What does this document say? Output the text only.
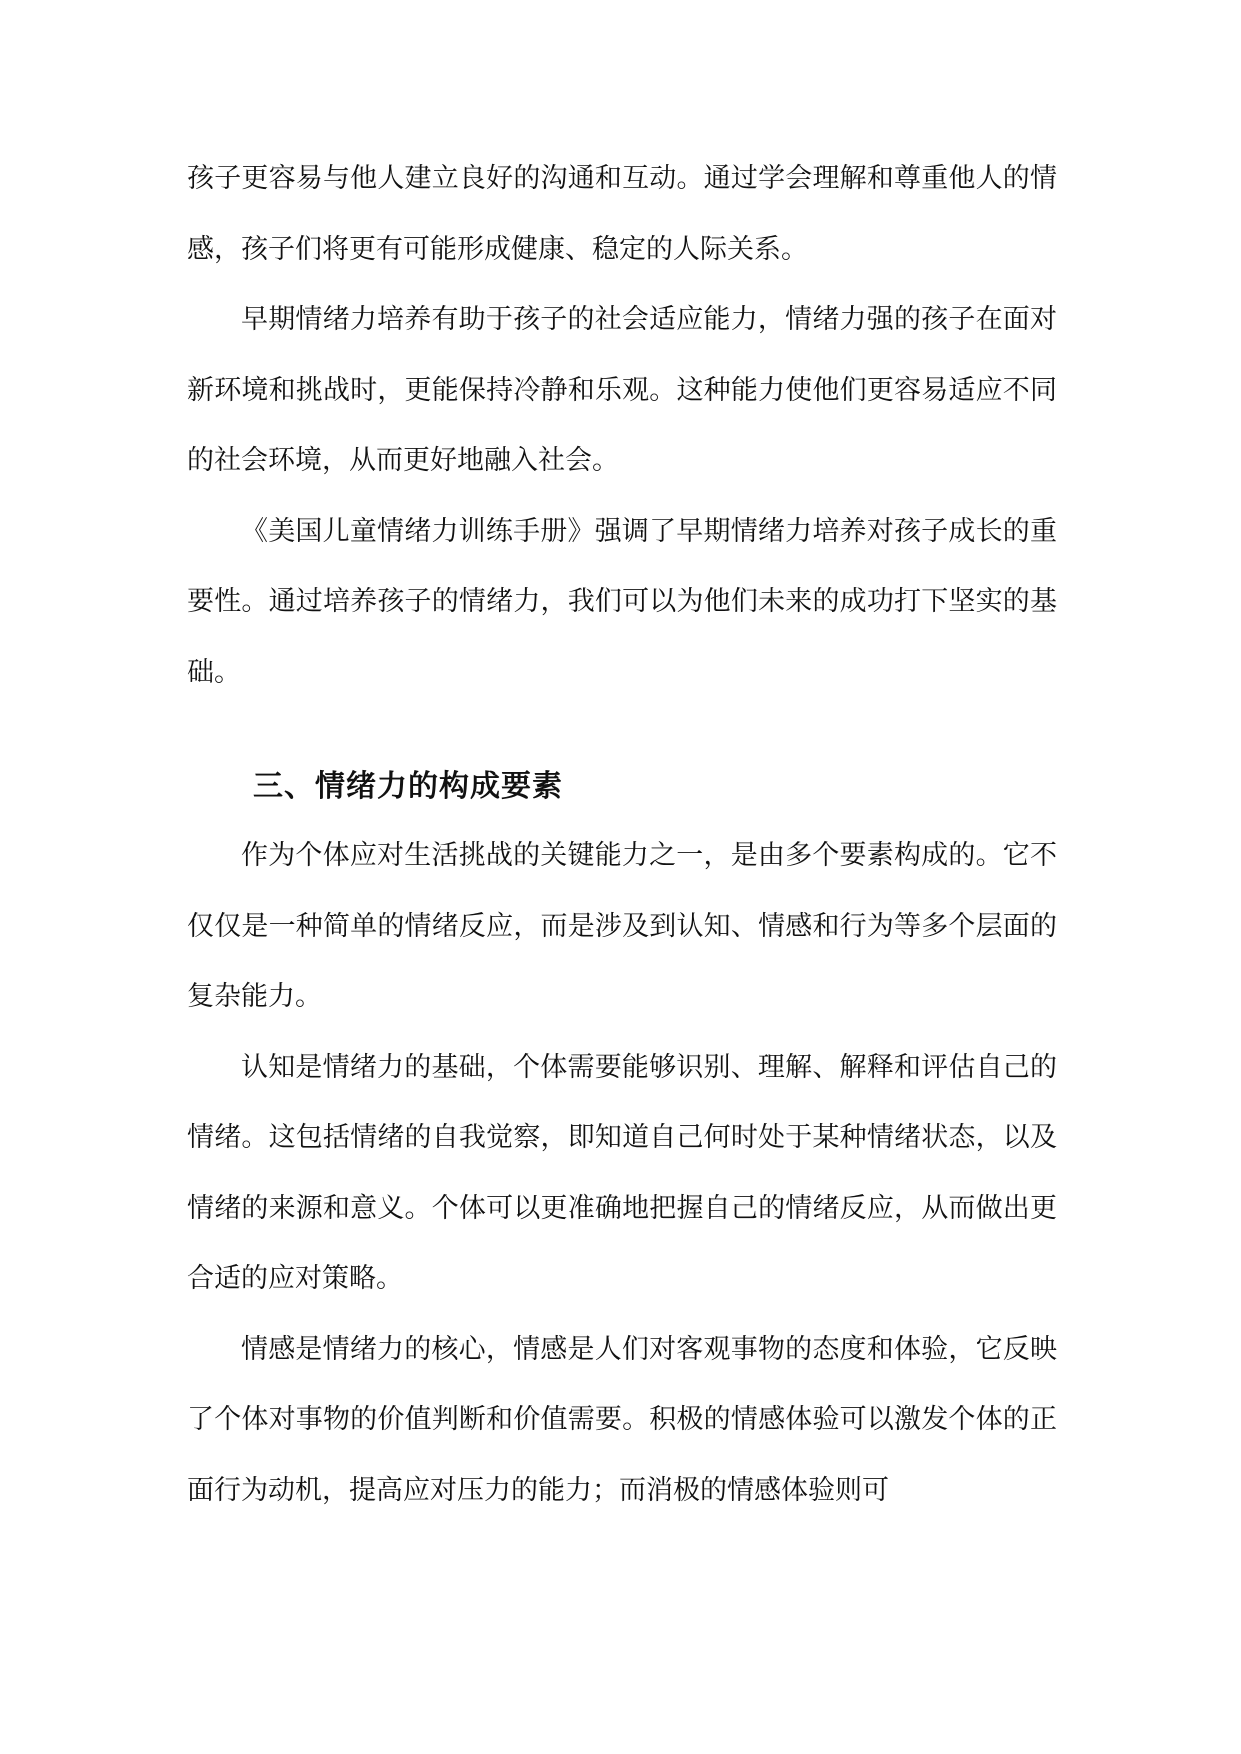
孩子更容易与他人建立良好的沟通和互动。通过学会理解和尊重他人的情感，孩子们将更有可能形成健康、稳定的人际关系。

早期情绪力培养有助于孩子的社会适应能力，情绪力强的孩子在面对新环境和挑战时，更能保持冷静和乐观。这种能力使他们更容易适应不同的社会环境，从而更好地融入社会。

《美国儿童情绪力训练手册》强调了早期情绪力培养对孩子成长的重要性。通过培养孩子的情绪力，我们可以为他们未来的成功打下坚实的基础。

三、情绪力的构成要素

作为个体应对生活挑战的关键能力之一，是由多个要素构成的。它不仅仅是一种简单的情绪反应，而是涉及到认知、情感和行为等多个层面的复杂能力。

认知是情绪力的基础，个体需要能够识别、理解、解释和评估自己的情绪。这包括情绪的自我觉察，即知道自己何时处于某种情绪状态，以及情绪的来源和意义。个体可以更准确地把握自己的情绪反应，从而做出更合适的应对策略。

情感是情绪力的核心，情感是人们对客观事物的态度和体验，它反映了个体对事物的价值判断和价值需要。积极的情感体验可以激发个体的正面行为动机，提高应对压力的能力；而消极的情感体验则可
